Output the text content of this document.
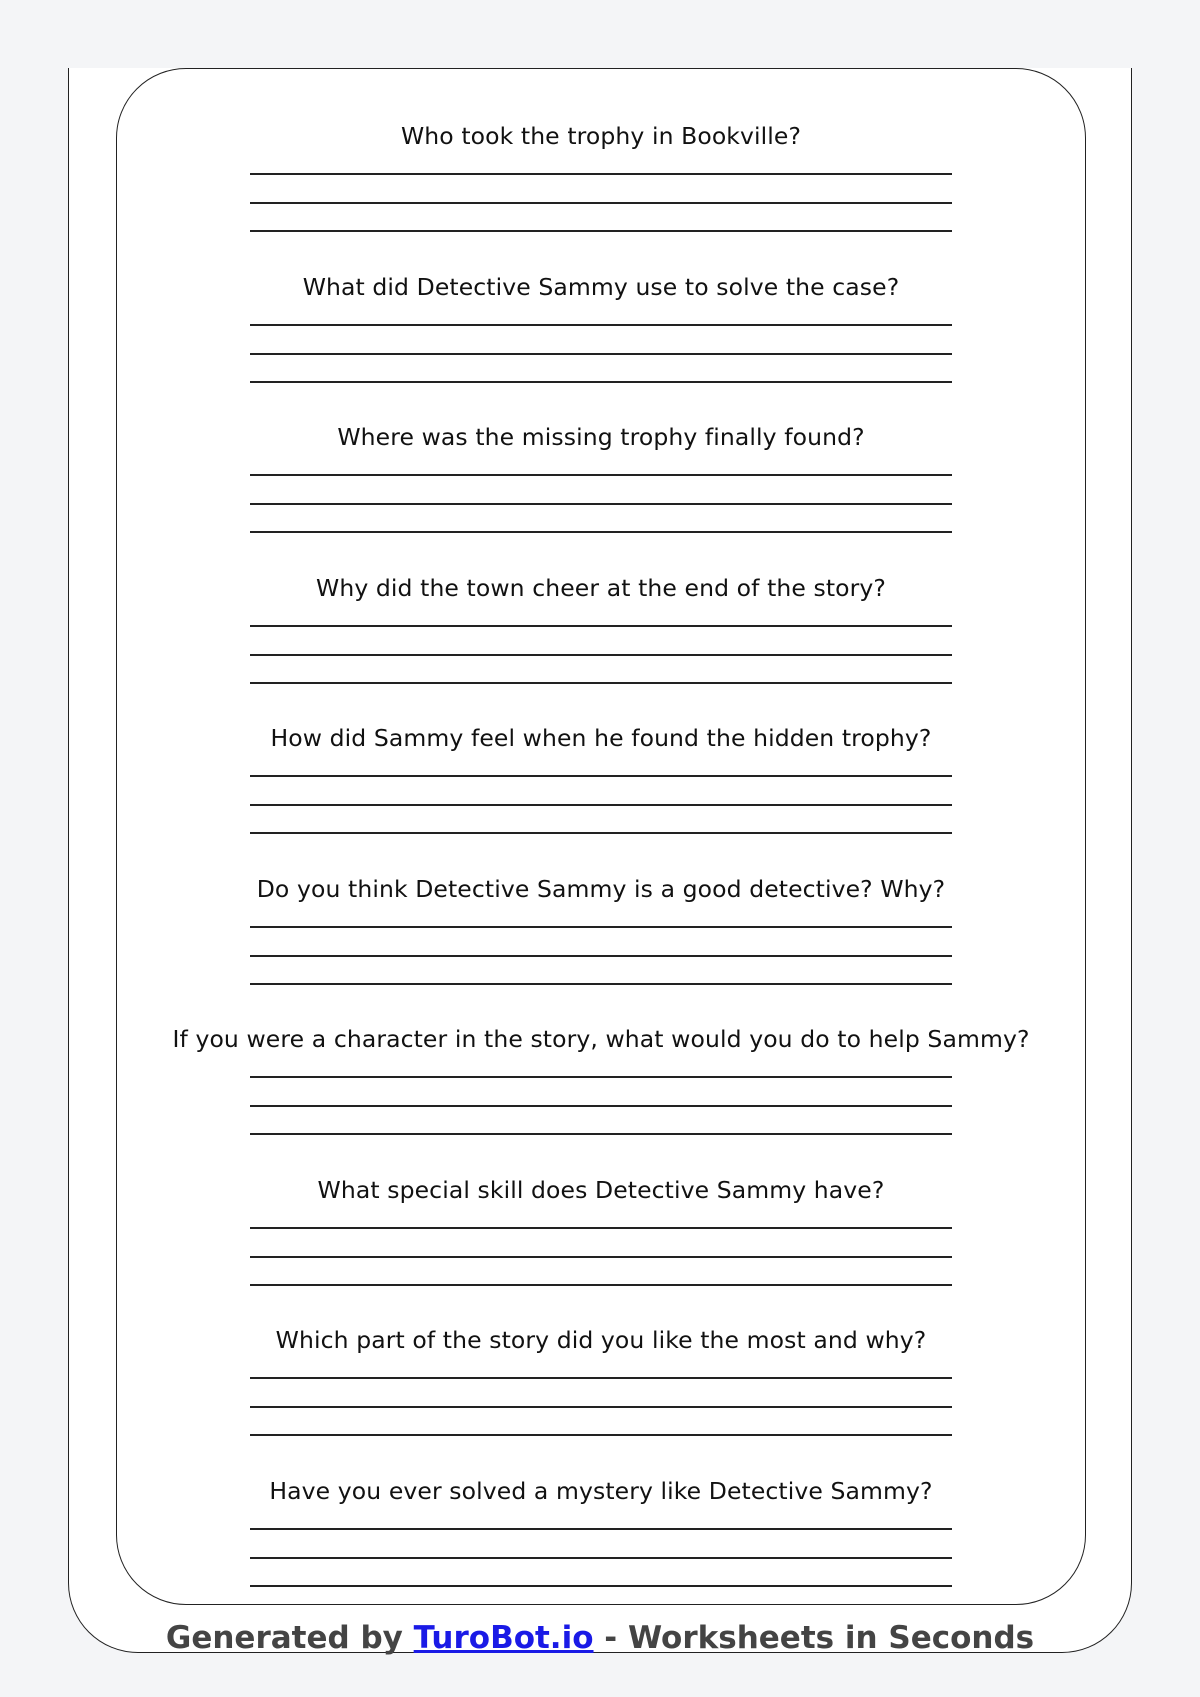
Who took the trophy in Bookville?
What did Detective Sammy use to solve the case?
Where was the missing trophy finally found?
Why did the town cheer at the end of the story?
How did Sammy feel when he found the hidden trophy?
Do you think Detective Sammy is a good detective? Why?
If you were a character in the story, what would you do to help Sammy?
What special skill does Detective Sammy have?
Which part of the story did you like the most and why?
Have you ever solved a mystery like Detective Sammy?
Generated by TuroBot.io - Worksheets in Seconds
